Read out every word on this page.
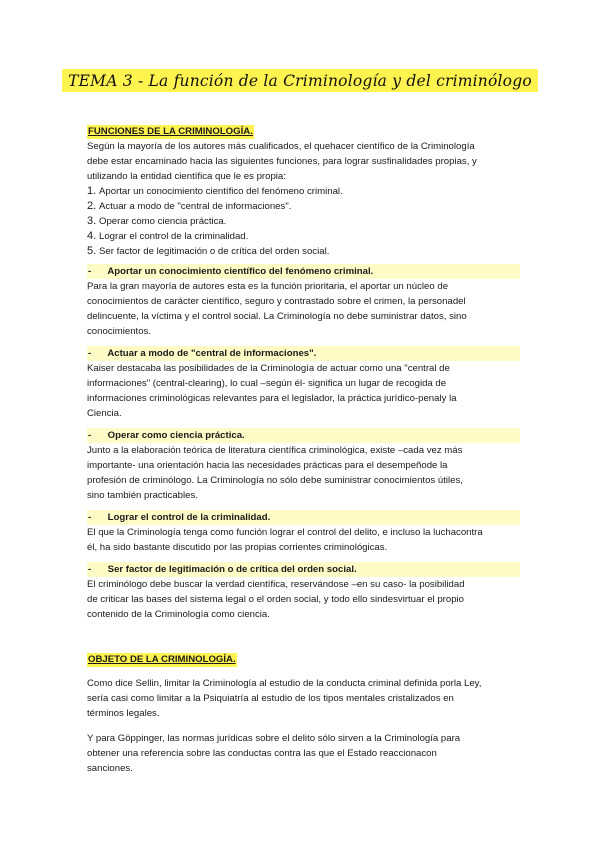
TEMA 3 - La función de la Criminología y del criminólogo
FUNCIONES DE LA CRIMINOLOGÍA.

Según la mayoría de los autores más cualificados, el quehacer científico de la Criminología

debe estar encaminado hacia las siguientes funciones, para lograr susfinalidades propias, y

utilizando la entidad científica que le es propia:

1. Aportar un conocimiento científico del fenómeno criminal.
2. Actuar a modo de "central de informaciones".
3. Operar como ciencia práctica.
4. Lograr el control de la criminalidad.
5. Ser factor de legitimación o de crítica del orden social.
- Aportar un conocimiento científico del fenómeno criminal.

Para la gran mayoría de autores esta es la función prioritaria, el aportar un núcleo de

conocimientos de carácter científico, seguro y contrastado sobre el crimen, la personadel

delincuente, la víctima y el control social. La Criminología no debe suministrar datos, sino

conocimientos.

- Actuar a modo de "central de informaciones".

Kaiser destacaba las posibilidades de la Criminología de actuar como una "central de

informaciones" (central-clearing), lo cual –según él- significa un lugar de recogida de

informaciones criminológicas relevantes para el legislador, la práctica jurídico-penaly la

Ciencia.

- Operar como ciencia práctica.

Junto a la elaboración teórica de literatura científica criminológica, existe –cada vez más

importante- una orientación hacia las necesidades prácticas para el desempeñode la

profesión de criminólogo. La Criminología no sólo debe suministrar conocimientos útiles,

sino también practicables.

- Lograr el control de la criminalidad.

El que la Criminología tenga como función lograr el control del delito, e incluso la luchacontra

él, ha sido bastante discutido por las propias corrientes criminológicas.

- Ser factor de legitimación o de crítica del orden social.

El criminólogo debe buscar la verdad científica, reservándose –en su caso- la posibilidad

de criticar las bases del sistema legal o el orden social, y todo ello sindesvirtuar el propio

contenido de la Criminología como ciencia.

OBJETO DE LA CRIMINOLOGÍA.

Como dice Sellin, limitar la Criminología al estudio de la conducta criminal definida porla Ley,

sería casi como limitar a la Psiquiatría al estudio de los tipos mentales cristalizados en

términos legales.

Y para Göppinger, las normas jurídicas sobre el delito sólo sirven a la Criminología para

obtener una referencia sobre las conductas contra las que el Estado reaccionacon

sanciones.
